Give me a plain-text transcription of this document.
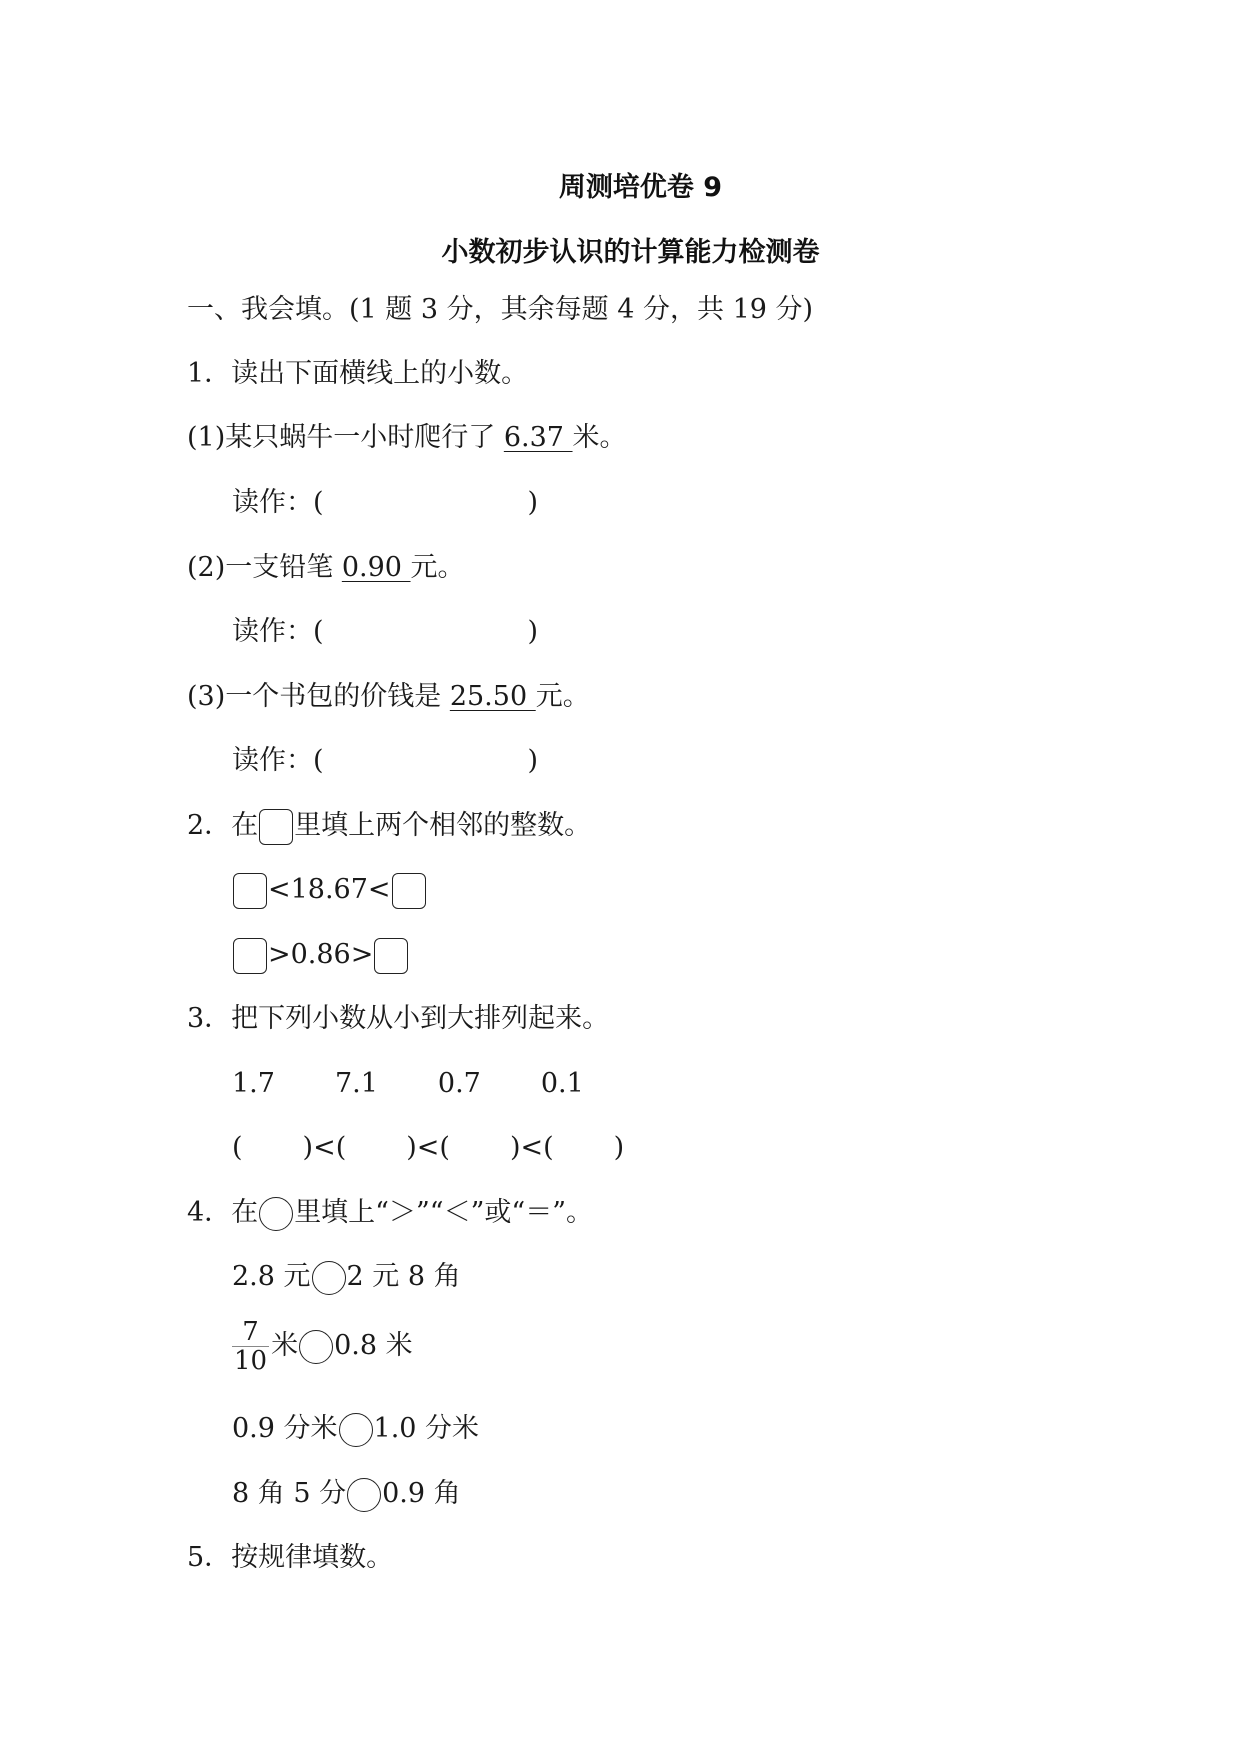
周测培优卷 9
小数初步认识的计算能力检测卷
一、我会填。(1 题 3 分，其余每题 4 分，共 19 分)
1．读出下面横线上的小数。
(1)某只蜗牛一小时爬行了 6.37 米。
读作：(	)
(2)一支铅笔 0.90 元。
读作：(	)
(3)一个书包的价钱是 25.50 元。
读作：(	)
2．在 里填上两个相邻的整数。
<18.67<
>0.86>
3．把下列小数从小到大排列起来。
1.7 7.1 0.7 0.1
( )<( )<( )<( )
4．在 里填上“＞”“＜”或“＝”。
2.8 元 2 元 8 角
$\frac{7}{10}$ 米 0.8 米
0.9 分米 1.0 分米
8 角 5 分 0.9 角
5．按规律填数。
